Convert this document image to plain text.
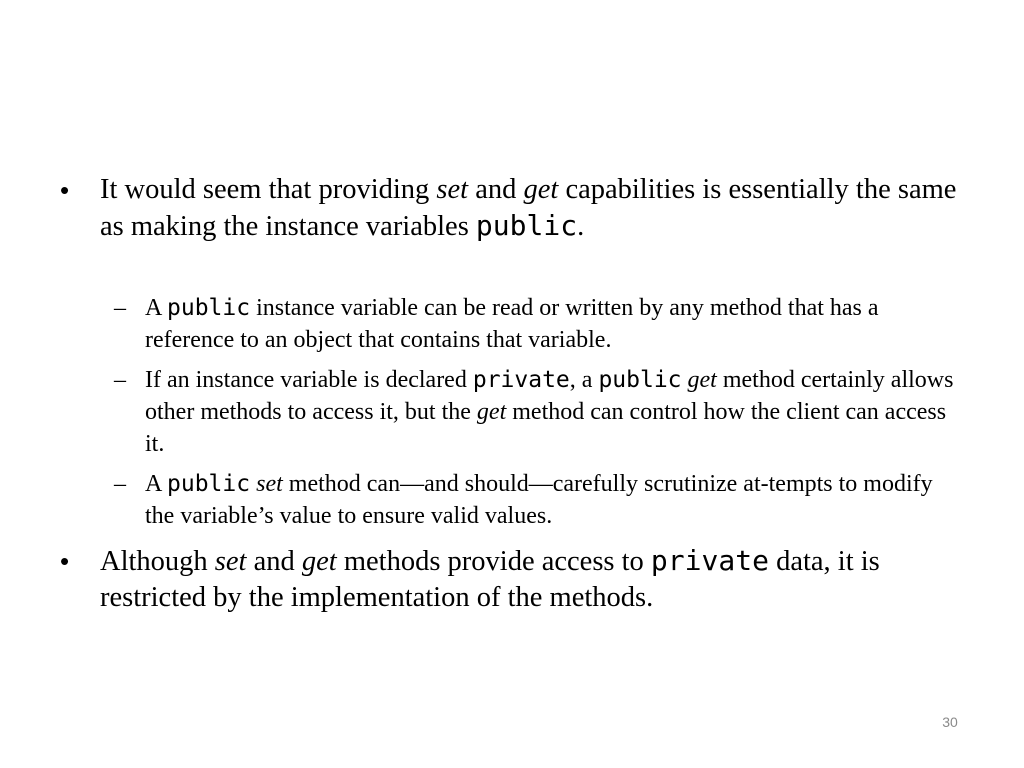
•	It would seem that providing set and get capabilities is essentially the same as making the instance variables public.
– A public instance variable can be read or written by any method that has a reference to an object that contains that variable.
– If an instance variable is declared private, a public get method certainly allows other methods to access it, but the get method can control how the client can access it.
– A public set method can—and should—carefully scrutinize at-tempts to modify the variable’s value to ensure valid values.
•	Although set and get methods provide access to private data, it is restricted by the implementation of the methods.
30
